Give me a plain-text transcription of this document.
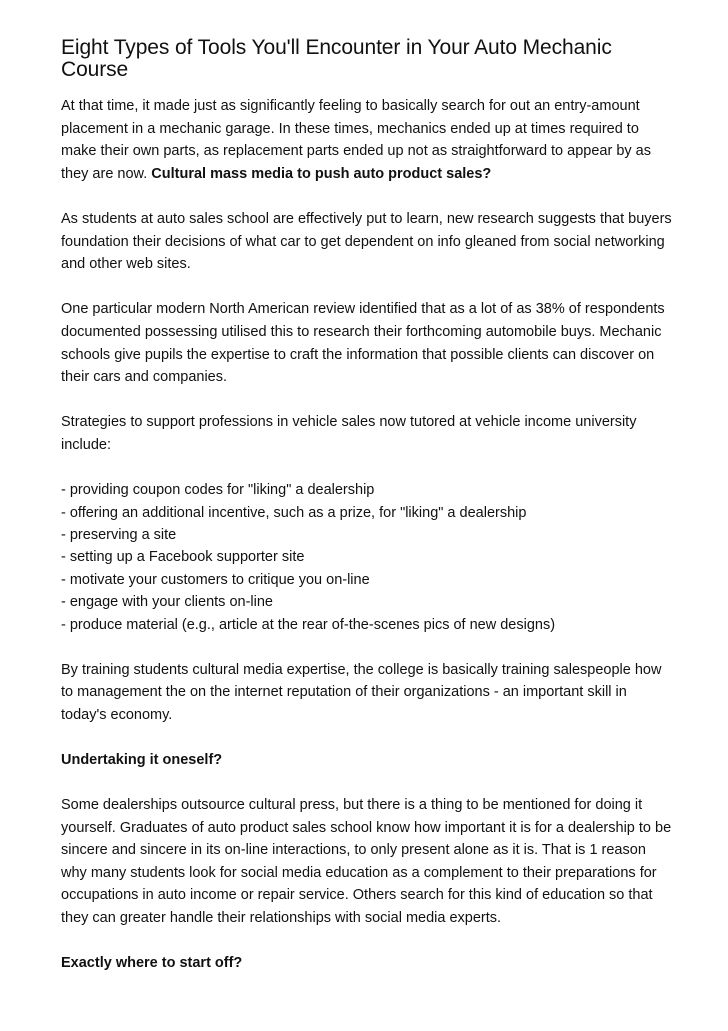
Eight Types of Tools You'll Encounter in Your Auto Mechanic Course

At that time, it made just as significantly feeling to basically search for out an entry-amount placement in a mechanic garage. In these times, mechanics ended up at times required to make their own parts, as replacement parts ended up not as straightforward to appear by as they are now. Cultural mass media to push auto product sales?

As students at auto sales school are effectively put to learn, new research suggests that buyers foundation their decisions of what car to get dependent on info gleaned from social networking and other web sites.

One particular modern North American review identified that as a lot of as 38% of respondents documented possessing utilised this to research their forthcoming automobile buys. Mechanic schools give pupils the expertise to craft the information that possible clients can discover on their cars and companies.

Strategies to support professions in vehicle sales now tutored at vehicle income university include:

- providing coupon codes for "liking" a dealership
- offering an additional incentive, such as a prize, for "liking" a dealership
- preserving a site
- setting up a Facebook supporter site
- motivate your customers to critique you on-line
- engage with your clients on-line
- produce material (e.g., article at the rear of-the-scenes pics of new designs)

By training students cultural media expertise, the college is basically training salespeople how to management the on the internet reputation of their organizations - an important skill in today's economy.

Undertaking it oneself?

Some dealerships outsource cultural press, but there is a thing to be mentioned for doing it yourself. Graduates of auto product sales school know how important it is for a dealership to be sincere and sincere in its on-line interactions, to only present alone as it is. That is 1 reason why many students look for social media education as a complement to their preparations for occupations in auto income or repair service. Others search for this kind of education so that they can greater handle their relationships with social media experts.

Exactly where to start off?
